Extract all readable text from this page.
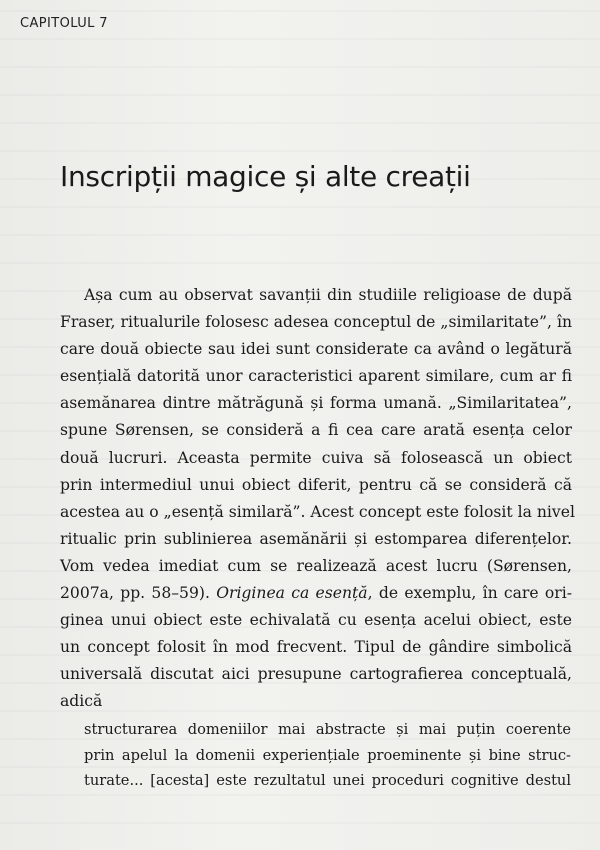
CAPITOLUL 7
Inscripții magice și alte creații

Așa cum au observat savanții din studiile religioase de după
Fraser, ritualurile folosesc adesea conceptul de „similaritate”, în
care două obiecte sau idei sunt considerate ca având o legătură
esențială datorită unor caracteristici aparent similare, cum ar fi
asemănarea dintre mătrăgună și forma umană. „Similaritatea”,
spune Sørensen, se consideră a fi cea care arată esența celor
două lucruri. Aceasta permite cuiva să folosească un obiect
prin intermediul unui obiect diferit, pentru că se consideră că
acestea au o „esență similară”. Acest concept este folosit la nivel
ritualic prin sublinierea asemănării și estomparea diferențelor.
Vom vedea imediat cum se realizează acest lucru (Sørensen,
2007a, pp. 58–59). Originea ca esență, de exemplu, în care ori-
ginea unui obiect este echivalată cu esența acelui obiect, este
un concept folosit în mod frecvent. Tipul de gândire simbolică
universală discutat aici presupune cartografierea conceptuală,
adică

structurarea domeniilor mai abstracte și mai puțin coerente
prin apelul la domenii experiențiale proeminente și bine struc-
turate... [acesta] este rezultatul unei proceduri cognitive destul
